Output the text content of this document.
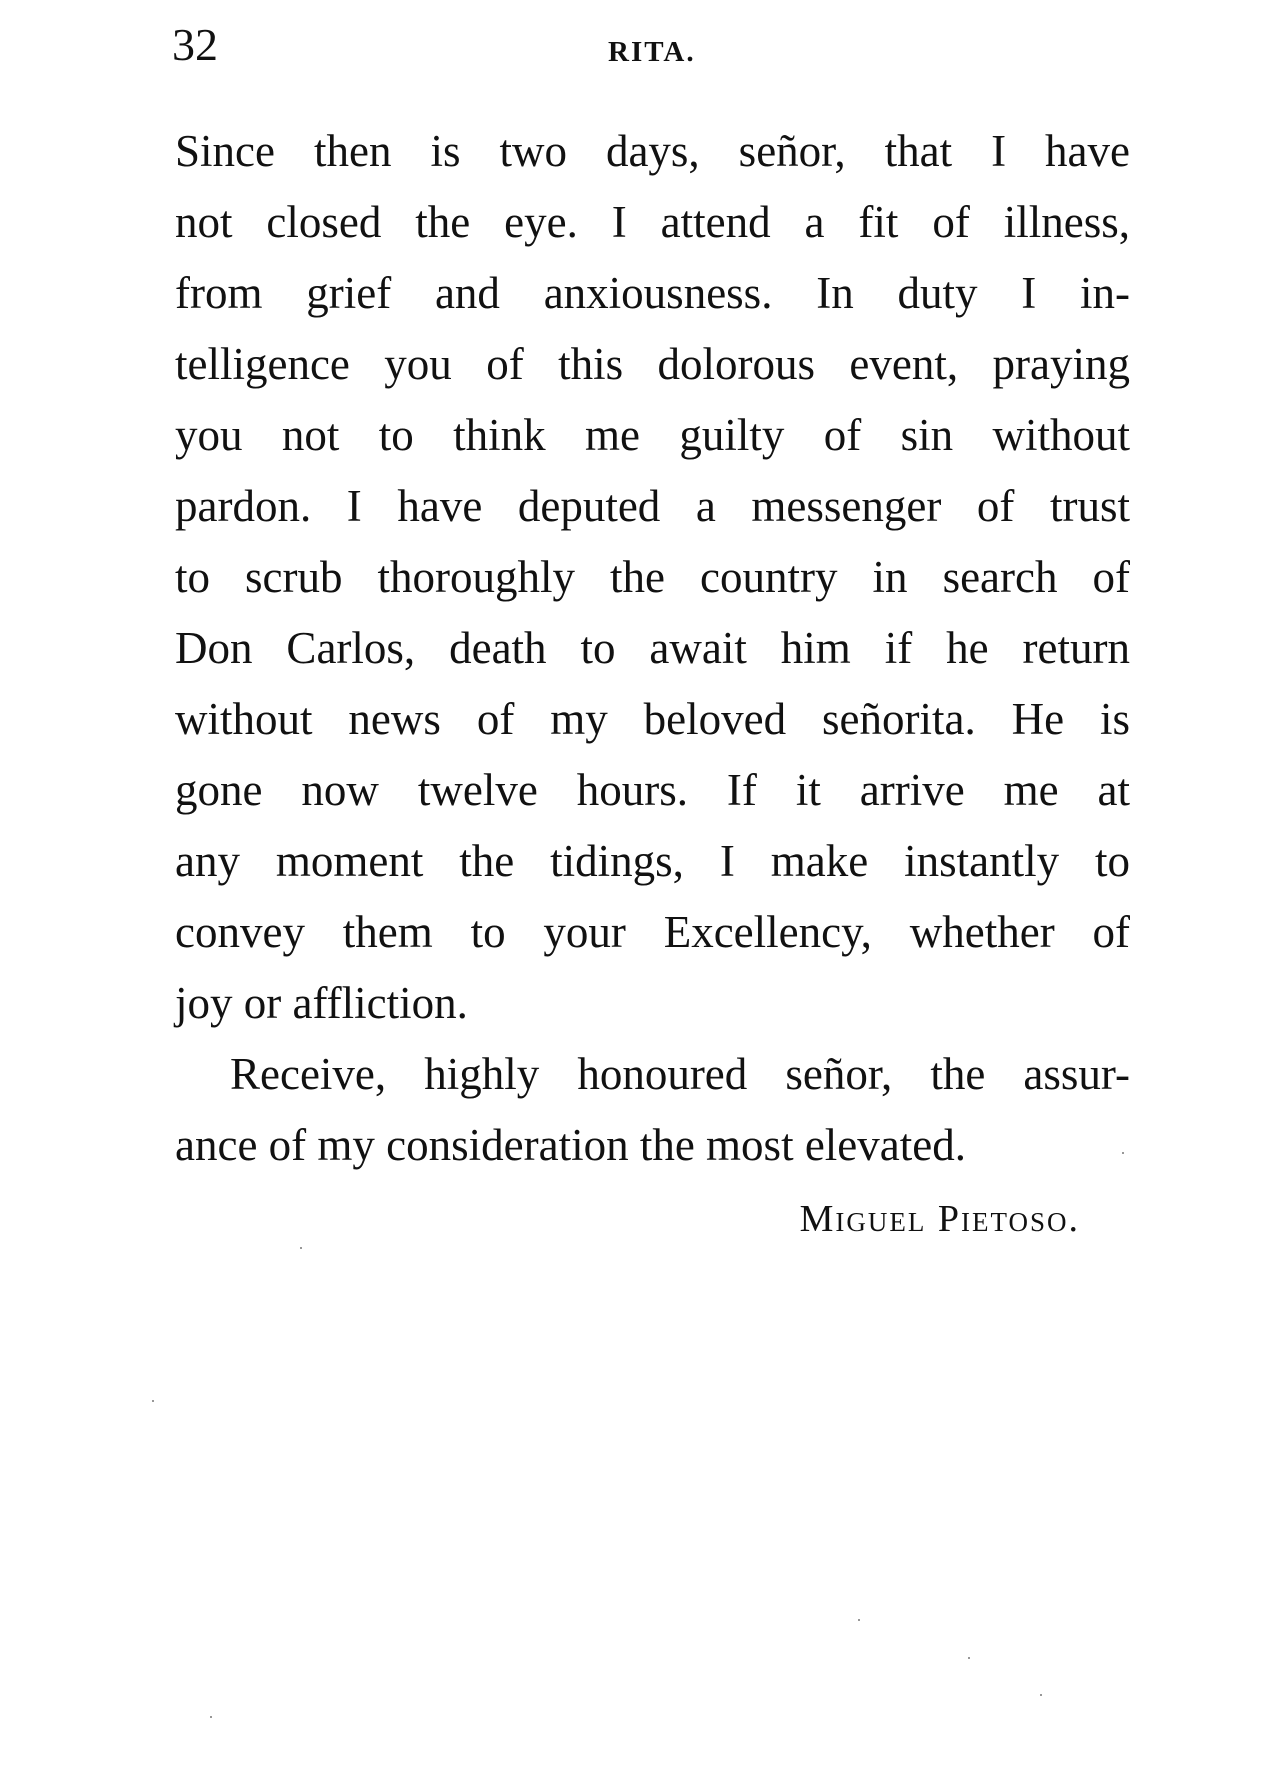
32	RITA.
Since then is two days, señor, that I have
not closed the eye. I attend a fit of illness,
from grief and anxiousness. In duty I in-
telligence you of this dolorous event, praying
you not to think me guilty of sin without
pardon. I have deputed a messenger of trust
to scrub thoroughly the country in search of
Don Carlos, death to await him if he return
without news of my beloved señorita. He is
gone now twelve hours. If it arrive me at
any moment the tidings, I make instantly to
convey them to your Excellency, whether of
joy or affliction.
Receive, highly honoured señor, the assur-
ance of my consideration the most elevated.
Miguel Pietoso.
